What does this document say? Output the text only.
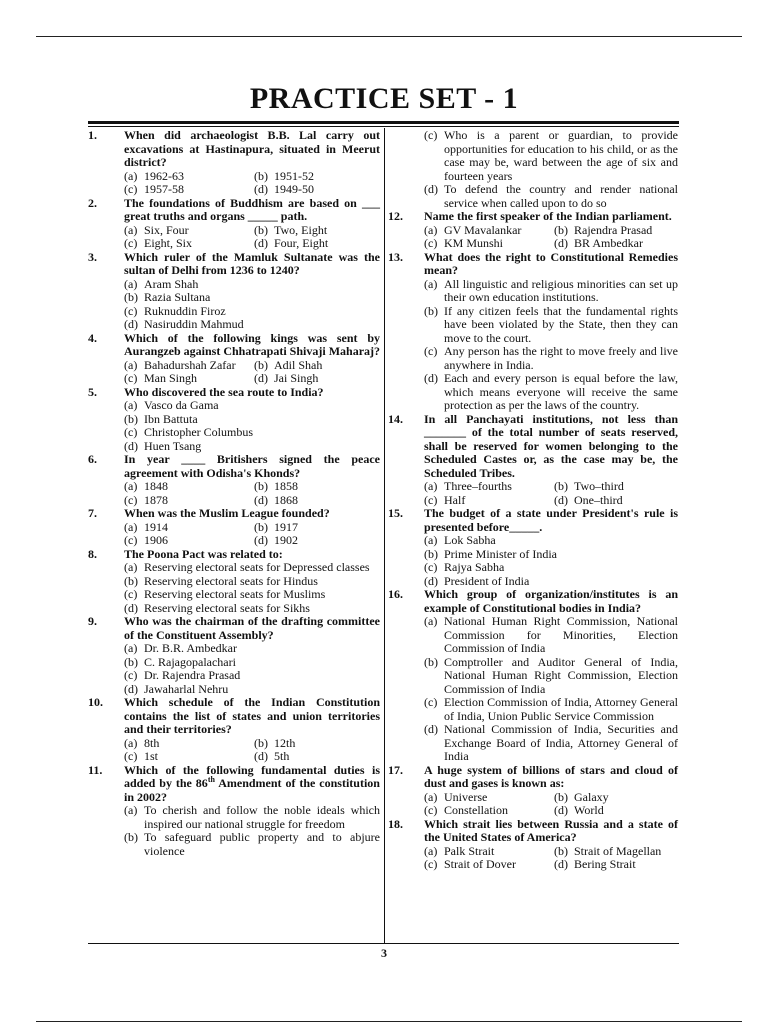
PRACTICE SET - 1
1.	When did archaeologist B.B. Lal carry out excavations at Hastinapura, situated in Meerut district?
(a) 1962-63	(b) 1951-52
(c) 1957-58	(d) 1949-50
2.	The foundations of Buddhism are based on ___ great truths and organs _____ path.
(a) Six, Four	(b) Two, Eight
(c) Eight, Six	(d) Four, Eight
3.	Which ruler of the Mamluk Sultanate was the sultan of Delhi from 1236 to 1240?
(a) Aram Shah
(b) Razia Sultana
(c) Ruknuddin Firoz
(d) Nasiruddin Mahmud
4.	Which of the following kings was sent by Aurangzeb against Chhatrapati Shivaji Maharaj?
(a) Bahadurshah Zafar	(b) Adil Shah
(c) Man Singh	(d) Jai Singh
5.	Who discovered the sea route to India?
(a) Vasco da Gama
(b) Ibn Battuta
(c) Christopher Columbus
(d) Huen Tsang
6.	In year ____ Britishers signed the peace agreement with Odisha's Khonds?
(a) 1848	(b) 1858
(c) 1878	(d) 1868
7.	When was the Muslim League founded?
(a) 1914	(b) 1917
(c) 1906	(d) 1902
8.	The Poona Pact was related to:
(a) Reserving electoral seats for Depressed classes
(b) Reserving electoral seats for Hindus
(c) Reserving electoral seats for Muslims
(d) Reserving electoral seats for Sikhs
9.	Who was the chairman of the drafting committee of the Constituent Assembly?
(a) Dr. B.R. Ambedkar
(b) C. Rajagopalachari
(c) Dr. Rajendra Prasad
(d) Jawaharlal Nehru
10.	Which schedule of the Indian Constitution contains the list of states and union territories and their territories?
(a) 8th	(b) 12th
(c) 1st	(d) 5th
11.	Which of the following fundamental duties is added by the 86th Amendment of the constitution in 2002?
(a) To cherish and follow the noble ideals which inspired our national struggle for freedom
(b) To safeguard public property and to abjure violence
(c) Who is a parent or guardian, to provide opportunities for education to his child, or as the case may be, ward between the age of six and fourteen years
(d) To defend the country and render national service when called upon to do so
12.	Name the first speaker of the Indian parliament.
(a) GV Mavalankar	(b) Rajendra Prasad
(c) KM Munshi	(d) BR Ambedkar
13.	What does the right to Constitutional Remedies mean?
(a) All linguistic and religious minorities can set up their own education institutions.
(b) If any citizen feels that the fundamental rights have been violated by the State, then they can move to the court.
(c) Any person has the right to move freely and live anywhere in India.
(d) Each and every person is equal before the law, which means everyone will receive the same protection as per the laws of the country.
14.	In all Panchayati institutions, not less than _______ of the total number of seats reserved, shall be reserved for women belonging to the Scheduled Castes or, as the case may be, the Scheduled Tribes.
(a) Three–fourths	(b) Two–third
(c) Half	(d) One–third
15.	The budget of a state under President's rule is presented before_____.
(a) Lok Sabha
(b) Prime Minister of India
(c) Rajya Sabha
(d) President of India
16.	Which group of organization/institutes is an example of Constitutional bodies in India?
(a) National Human Right Commission, National Commission for Minorities, Election Commission of India
(b) Comptroller and Auditor General of India, National Human Right Commission, Election Commission of India
(c) Election Commission of India, Attorney General of India, Union Public Service Commission
(d) National Commission of India, Securities and Exchange Board of India, Attorney General of India
17.	A huge system of billions of stars and cloud of dust and gases is known as:
(a) Universe	(b) Galaxy
(c) Constellation	(d) World
18.	Which strait lies between Russia and a state of the United States of America?
(a) Palk Strait	(b) Strait of Magellan
(c) Strait of Dover	(d) Bering Strait
3
